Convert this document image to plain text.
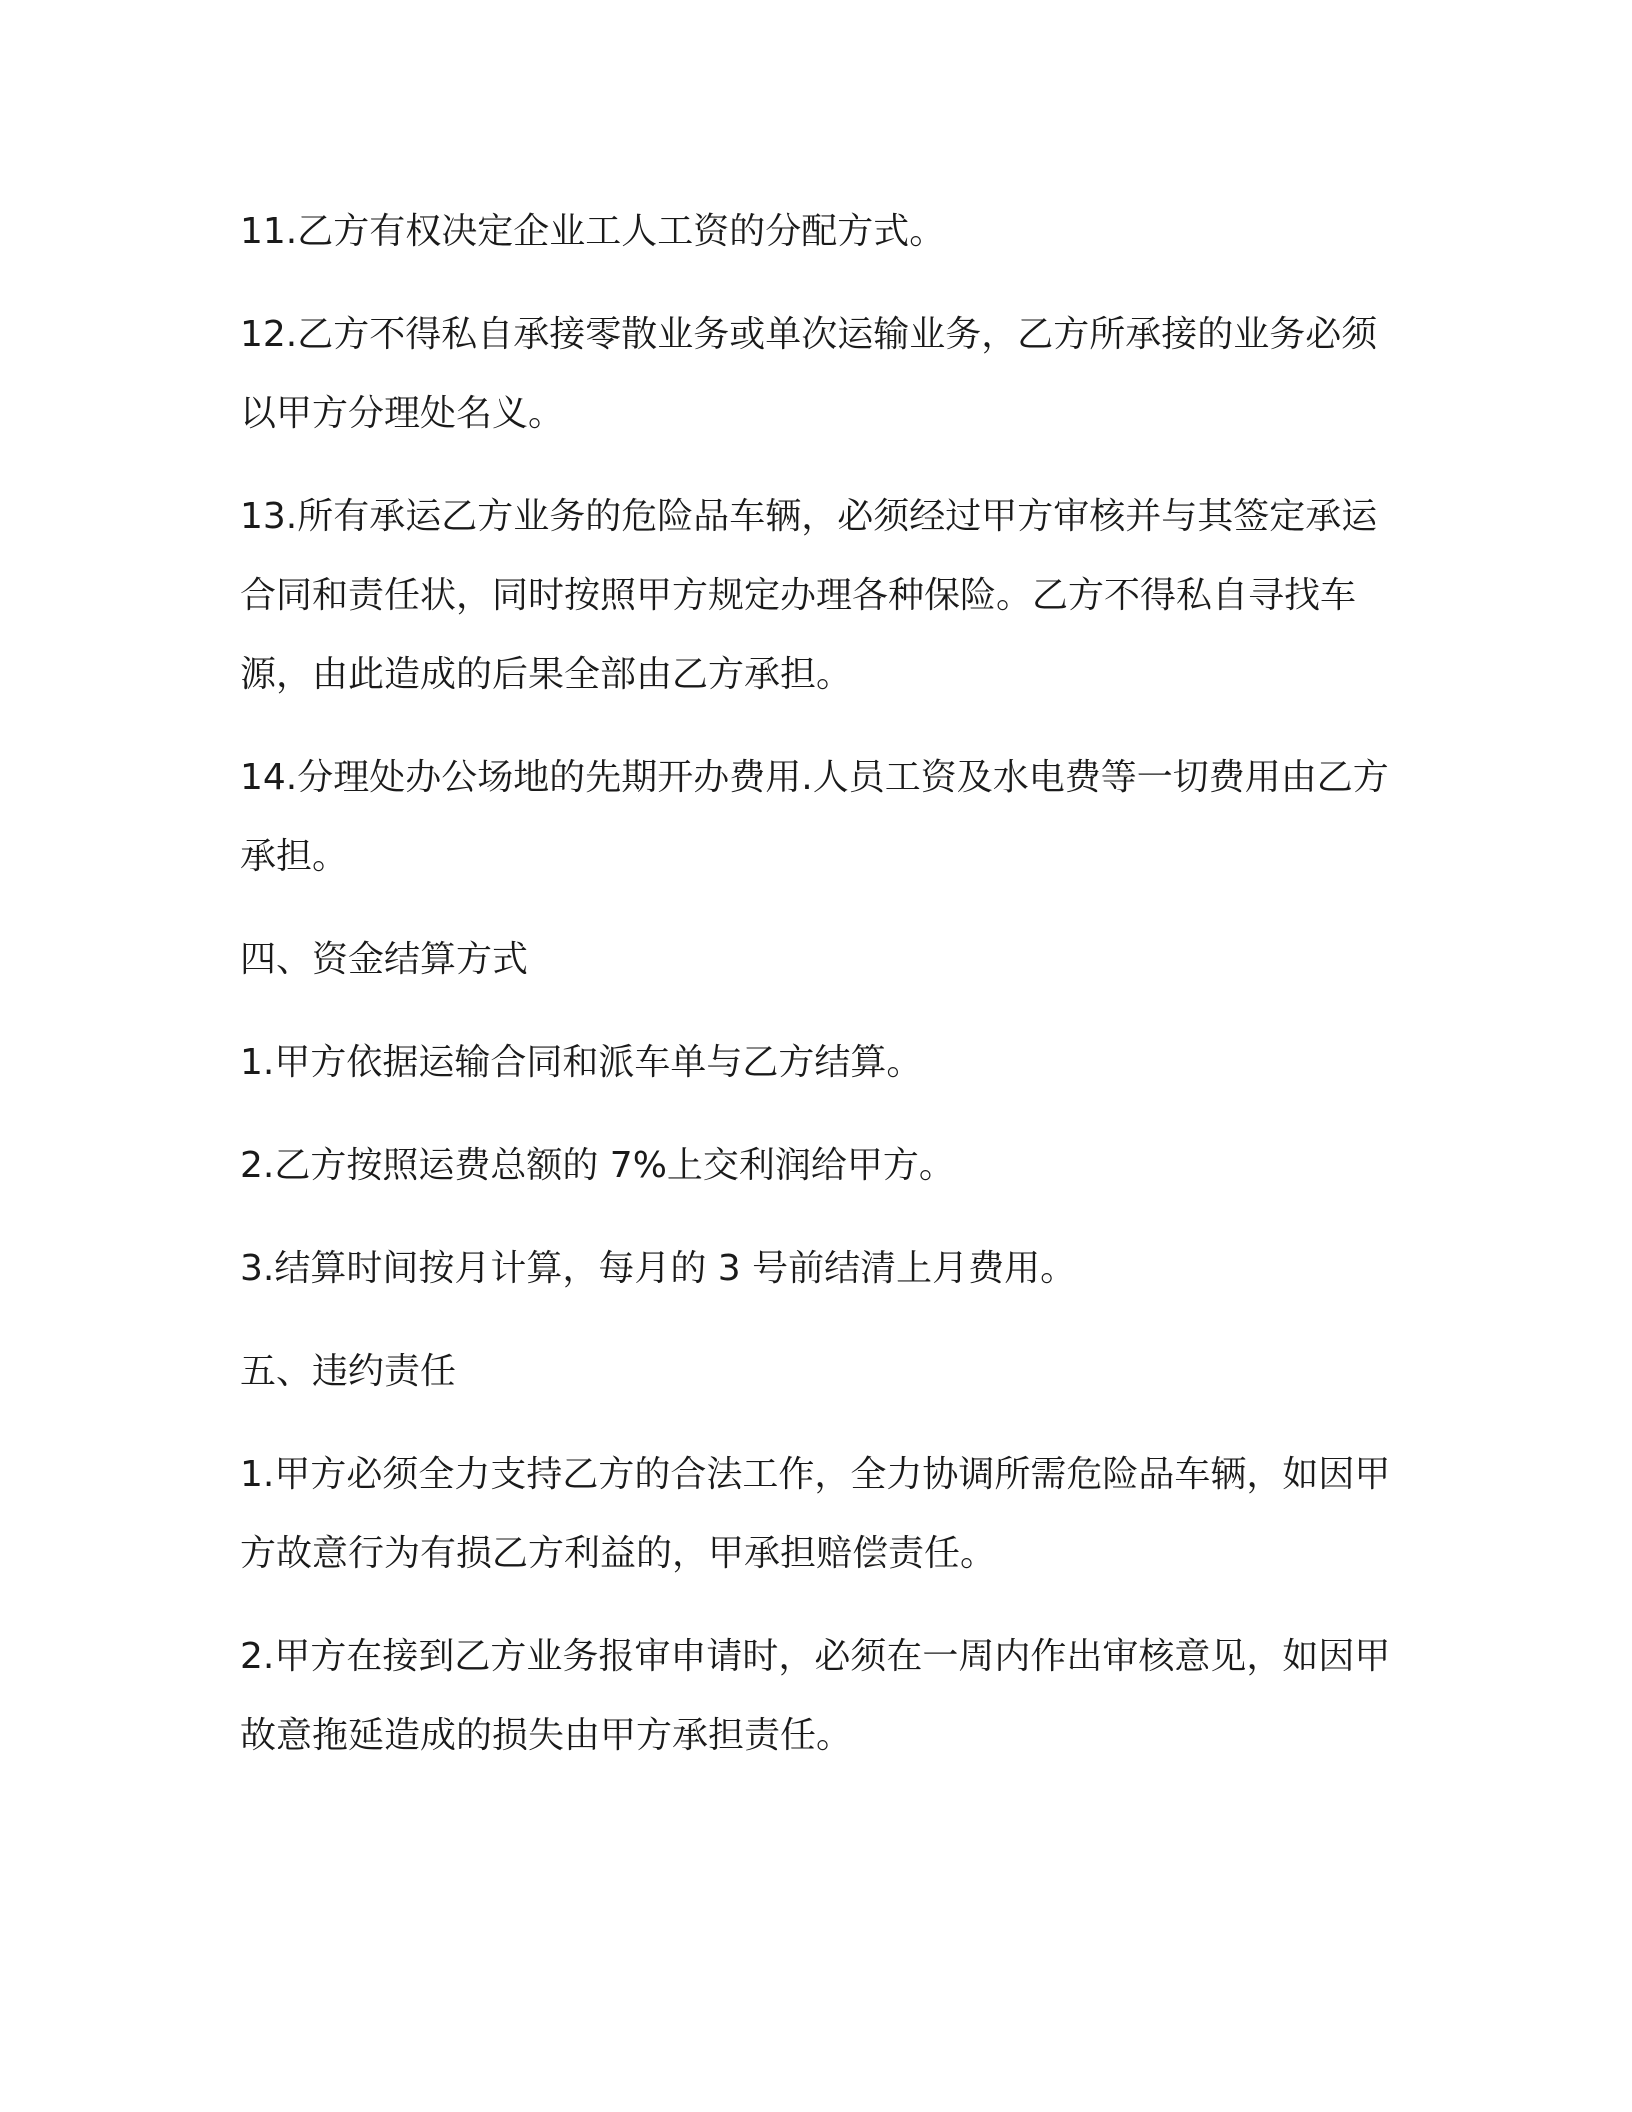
11.乙方有权决定企业工人工资的分配方式。

12.乙方不得私自承接零散业务或单次运输业务，乙方所承接的业务必须以甲方分理处名义。

13.所有承运乙方业务的危险品车辆，必须经过甲方审核并与其签定承运合同和责任状，同时按照甲方规定办理各种保险。乙方不得私自寻找车源，由此造成的后果全部由乙方承担。

14.分理处办公场地的先期开办费用.人员工资及水电费等一切费用由乙方承担。

四、资金结算方式

1.甲方依据运输合同和派车单与乙方结算。

2.乙方按照运费总额的 7%上交利润给甲方。

3.结算时间按月计算，每月的 3 号前结清上月费用。

五、违约责任

1.甲方必须全力支持乙方的合法工作，全力协调所需危险品车辆，如因甲方故意行为有损乙方利益的，甲承担赔偿责任。

2.甲方在接到乙方业务报审申请时，必须在一周内作出审核意见，如因甲故意拖延造成的损失由甲方承担责任。
